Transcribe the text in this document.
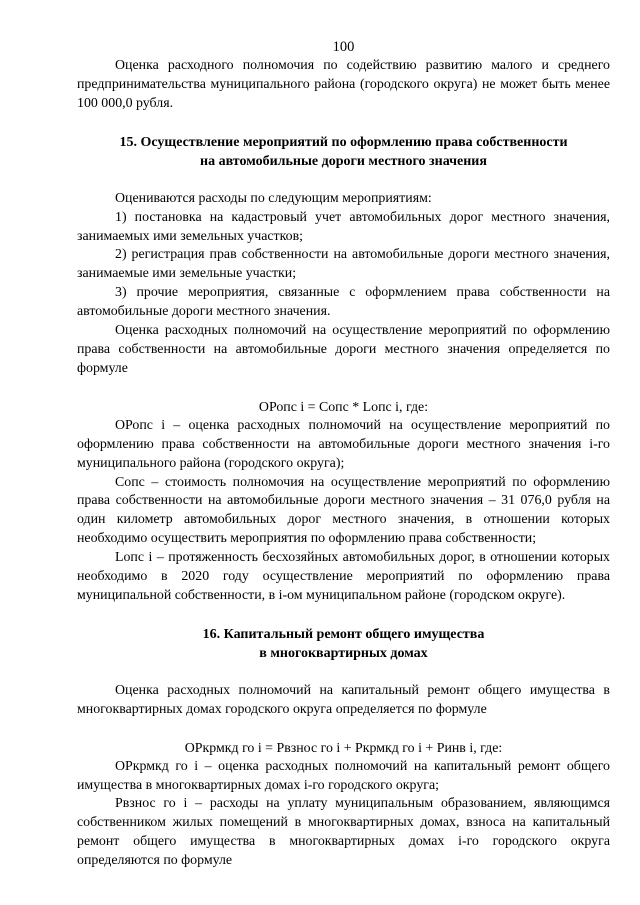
100

Оценка расходного полномочия по содействию развитию малого и среднего предпринимательства муниципального района (городского округа) не может быть менее 100 000,0 рубля.

15. Осуществление мероприятий по оформлению права собственности

на автомобильные дороги местного значения

Оцениваются расходы по следующим мероприятиям:

1) постановка на кадастровый учет автомобильных дорог местного значения, занимаемых ими земельных участков;

2) регистрация прав собственности на автомобильные дороги местного значения, занимаемые ими земельные участки;

3) прочие мероприятия, связанные с оформлением права собственности на автомобильные дороги местного значения.

Оценка расходных полномочий на осуществление мероприятий по оформлению права собственности на автомобильные дороги местного значения определяется по формуле

ОРопс i = Сопс * Lопс i, где:

ОРопс i – оценка расходных полномочий на осуществление мероприятий по оформлению права собственности на автомобильные дороги местного значения i-го муниципального района (городского округа);

Сопс – стоимость полномочия на осуществление мероприятий по оформлению права собственности на автомобильные дороги местного значения – 31 076,0 рубля на один километр автомобильных дорог местного значения, в отношении которых необходимо осуществить мероприятия по оформлению права собственности;

Lопс i – протяженность бесхозяйных автомобильных дорог, в отношении которых необходимо в 2020 году осуществление мероприятий по оформлению права муниципальной собственности, в i-ом муниципальном районе (городском округе).

16. Капитальный ремонт общего имущества

в многоквартирных домах

Оценка расходных полномочий на капитальный ремонт общего имущества в многоквартирных домах городского округа определяется по формуле

ОРкрмкд го i = Рвзнос го i + Ркрмкд го i + Ринв i, где:

ОРкрмкд го i – оценка расходных полномочий на капитальный ремонт общего имущества в многоквартирных домах i-го городского округа;

Рвзнос го i – расходы на уплату муниципальным образованием, являющимся собственником жилых помещений в многоквартирных домах, взноса на капитальный ремонт общего имущества в многоквартирных домах i-го городского округа определяются по формуле
